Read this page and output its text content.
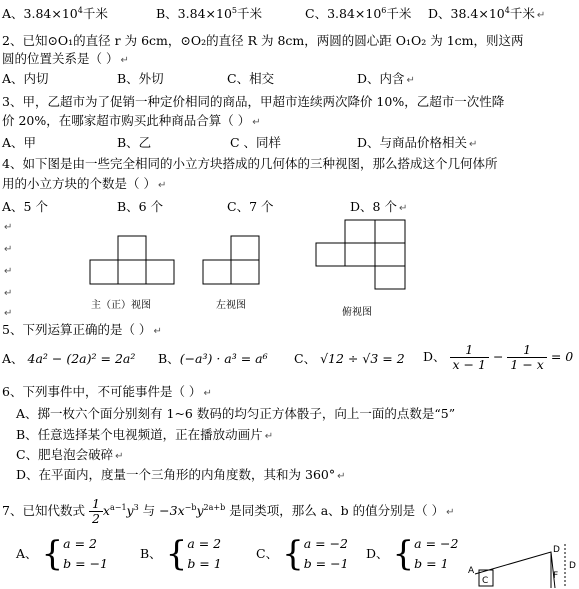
A、$3.84\times 10^4$千米	B、$3.84\times 10^5$千米	C、$3.84\times 10^6$千米 D、$38.4\times 10^4$千米 ↵
2、已知⊙O₁的直径 r 为 6cm，⊙O₂的直径 R 为 8cm，两圆的圆心距 O₁O₂ 为 1cm，则这两
圆的位置关系是（ ） ↵
A、内切	B、外切	C、相交	D、内含 ↵
3、甲，乙超市为了促销一种定价相同的商品，甲超市连续两次降价 10%，乙超市一次性降
价 20%，在哪家超市购买此种商品合算（ ） ↵
A、甲	B、乙	C 、同样	D、与商品价格相关 ↵
4、如下图是由一些完全相同的小立方块搭成的几何体的三种视图，那么搭成这个几何体所
用的小立方块的个数是（ ） ↵
A、5 个	B、6 个	C、7 个	D、8 个 ↵
↵
↵
↵
↵
↵
主（正）视图	左视图
俯视图
5、下列运算正确的是（ ） ↵
A、 4a² − (2a)² = 2a² B、(−a³) · a³ = a⁶ C、 √12 ÷ √3 = 2 D、 $\frac{1}{x - 1} - \frac{1}{1 - x} = 0$
6、下列事件中，不可能事件是（ ） ↵
A、掷一枚六个面分别刻有 1~6 数码的均匀正方体骰子，向上一面的点数是“5”
B、任意选择某个电视频道，正在播放动画片 ↵
C、肥皂泡会破碎 ↵
D、在平面内，度量一个三角形的内角度数，其和为 360° ↵
7、已知代数式 $\frac{1}{2} x^{a-1}y^3$ 与 $-3x^{-b}y^{2a+b}$ 是同类项，那么 a、b 的值分别是（ ） ↵
A、 { a = 2
b = −1
B、 { a = 2
b = 1
C、 { a = −2
b = −1
D、 { a = −2
b = 1	A
C
D
F
D
